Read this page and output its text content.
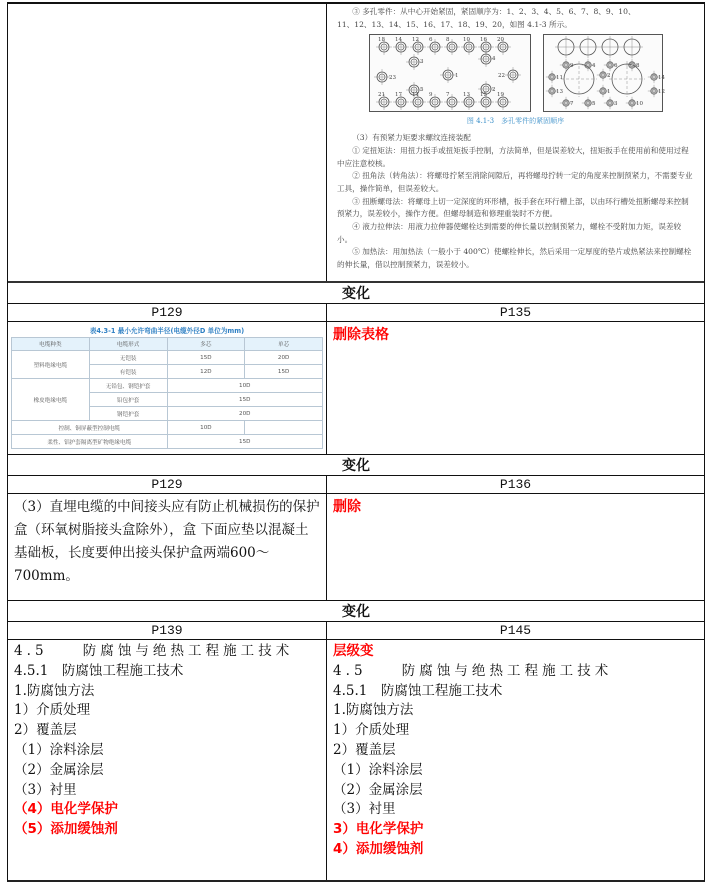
③ 多孔零件：从中心开始紧固，紧固顺序为：1、2、3、4、5、6、7、8、9、10、

11、12、13、14、15、16、17、18、19、20，如图 4.1-3 所示。

18 14 12 6 8 10 16 20
3	4
23	1	22
5	2
21 17 11 9 7 13 15 19
9	4	6	8
11	2	14
13	1	12
7	5	3	10
图 4.1-3　多孔零件的紧固顺序

（3）有预紧力矩要求螺纹连接装配

① 定扭矩法：用扭力扳手或扭矩扳手控制，方法简单，但是误差较大，扭矩扳手在使用前和使用过程中应注意校核。

② 扭角法（转角法）：将螺母拧紧至消除间隙后，再将螺母拧转一定的角度来控制预紧力，不需要专业工具，操作简单，但误差较大。

③ 扭断螺母法：将螺母上切一定深度的环形槽，扳手套在环行槽上部，以由环行槽处扭断螺母来控制预紧力，误差较小，操作方便。但螺母制造和修理重装时不方便。

④ 液力拉伸法：用液力拉伸器使螺栓达到需要的伸长量以控制预紧力，螺栓不受附加力矩，误差较小。

⑤ 加热法：用加热法（一般小于 400℃）使螺栓伸长，然后采用一定厚度的垫片或热紧法来控制螺栓的伸长量，借以控制预紧力，误差较小。

变化
P129	P135
表4.3-1 最小允许弯曲半径(电缆外径D 单位为mm)
电缆种类	电缆形式	多芯	单芯
塑料绝缘电缆	无铠装	15D	20D
	有铠装	12D	15D
橡皮绝缘电缆	无铅包、钢铠护套	10D	
	铅包护套	15D	
	钢铠护套	20D	
控制、铜屏蔽型控制电缆		10D	
柔性、铝护套隔离型矿物绝缘电缆		15D	
删除表格
变化
P129	P136
（3）直埋电缆的中间接头应有防止机械损伤的保护盒（环氧树脂接头盒除外），盒 下面应垫以混凝土基础板，长度要伸出接头保护盒两端600～700mm。
删除
变化
P139	P145
4.5　　防腐蚀与绝热工程施工技术
4.5.1　防腐蚀工程施工技术
1.防腐蚀方法
1）介质处理
2）覆盖层
（1）涂料涂层
（2）金属涂层
（3）衬里
（4）电化学保护
（5）添加缓蚀剂
层级变
4.5　　防腐蚀与绝热工程施工技术
4.5.1　防腐蚀工程施工技术
1.防腐蚀方法
1）介质处理
2）覆盖层
（1）涂料涂层
（2）金属涂层
（3）衬里
3）电化学保护
4）添加缓蚀剂
